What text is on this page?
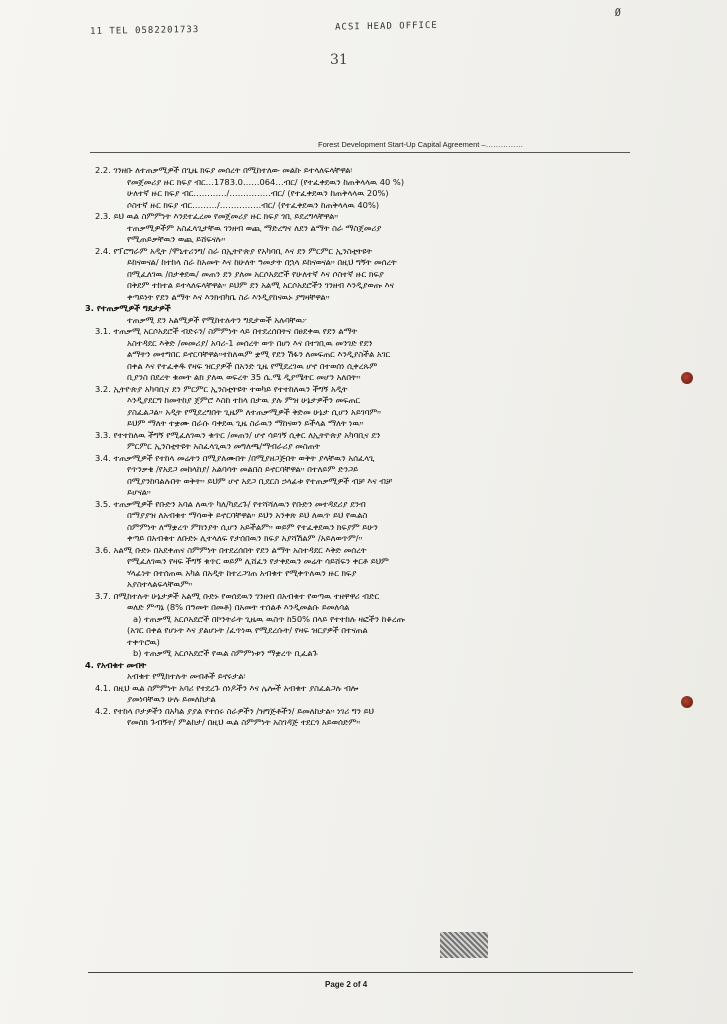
11 TEL 0582201733	ACSI HEAD OFFICE
Ø
31
Forest Development Start-Up Capital Agreement –……………
2.2. ገንዘቡ ለተጠቃሚዎች በጊዜ ክፍያ መሰረት በሚከተለው መልኩ ይተላለፍላቸዋል፡
የመጀመሪያ ዙር ክፍያ ብር…1783.0……064…ብር/ (የተፈቀደዉን ከጠቅላላዉ 40 %)
ሁለተኛ ዙር ክፍያ ብር…………/……………ብር/ (የተፈቀደዉን ከጠቅላላዉ 20%)
ሶስተኛ ዙር ክፍያ ብር………/……………ብር/ (የተፈቀደዉን ከጠቅላላዉ 40%)
2.3. ይህ ዉል ስምምነት እንደተፈረመ የመጀመሪያ ዙር ክፍያ ገቢ ይደረግላቸዋል።
ተጠቃሚዎችም አስፈላጊታቸዉ ገንዘብ ወጪ ማድረግና ለደን ልማት ስራ ማስጀመሪያ
የሚጠይቃቸዉን ወጪ ይሸፍናሉ።
2.4. የፕሮግራም አዲት /ሞኒተሪንግ/ ስራ በኢትዮጵያ የአካባቢ እና ደን ምርምር ኢንስቲትዩት
ይከናወናል/ ከተከላ ስራ ከአመት እና ከሁለት ዓመታት በኋላ ይከናወናል። በዚህ ግኝት መሰረት
በሚፈለገዉ /በታቀደዉ/ መጠን ደን ያለመ አርሶአደሮች የሁለተኛ እና ሶስተኛ ዙር ክፍያ
በቅደም ተከተል ይተላለፍላቸዋል። ይህም ደን አልሚ አርሶአደሮችን ገንዘብ እንዲያወጡ እና
ቀጣይነት የደን ልማት እና እንክብካቤ ስራ እንዲያከናዉኑ ያግዛቸዋል።
3. የተጠቃሚዎች ግዴታዎች
ተጠቃሚ ደን አልሚዎች የሚከተሉትን ግዴታወች አሉባቸዉ፦
3.1. ተጠቃሚ አርሶአደሮች ብድሩን/ ስምምነት ላይ በተደረሰበትና በፀደቀዉ የደን ልማት
አስተዳደር እቅድ /መመሪያ/ አባሪ-1 መሰረት ወጥ በሆነ እና በተገቢዉ መንገድ የደን
ልማትን መተግበር ይኖርባቸዋል።ተከለዉም ቋሚ የደን ሽፋን ለመፍጠር እንዲያስችል አገር
በቀል እና የተፈቀዱ የዛፍ ዝርያዎች በአንድ ጊዜ የሚደረገዉ ሆኖ በተወሰነ ሲቀረጹም
ቢያንስ በደረት ቁመት ልክ ያለዉ ወፍረት 35 ሴ.ሜ ዲያሜትር መሆን አለበት።
3.2. ኢትዮጵያ አካባቢና ደን ምርምር ኢንስቲትዩት ተወካይ የተተከለዉን ችግኝ አዲት
እንዲያደርግ ከመትከያ ጀምሮ እስከ ተከላ በታዉ ያሉ ምዝ ሁኔታዎችን መፍጠር
ያስፈልጋል። አዲት የሚደረግበት ጊዜም ለተጠቃሚዎች ቅድመ ሁኔታ ሲሆን አይገባም።
ይህም ማለት ተቋሙ በራሱ ባቀደዉ ጊዜ ስራዉን ማከናወን ይችላል ማለት ነዉ።
3.3. የተተከለዉ ችግኝ የሚፈለገዉን ቁጥር /መጠን/ ሆኖ ሳይገኝ ሲቀር ለኢትዮጵያ አካባቢና ደን
ምርምር ኢንስቲትዩት አስፈላጊዉን መግለጫ/ማብራሪያ መስጠት
3.4. ተጠቃሚዎች የተከላ መሬትን በሚያለሙበት /በሚያዘጋጅበት ወቅት ያላቸዉን አሰፈላጊ
የጥንቃቄ /የአደጋ መከላከያ/ አልባሳት መልበስ ይኖርባቸዋል። በተለይም ድንጋይ
በሚያንከባልሉበት ወቅት። ይህም ሆኖ አደጋ ቢደርስ ኃላፊቱ የተጠቃሚዎች ብቻ እና ብቻ
ይሆናል።
3.5. ተጠቃሚዎች የቡድን አባል ለዉጥ ካለ/ካደረጉ/ የተሻሻለዉን የቡድን መተዳደሪያ ደንብ
በማያያዝ ለአብቁተ ማሳወቅ ይኖርባቸዋል። ይህን አንቀጽ ይህ ለዉጥ ይህ የዉልስ
ስምምነት ለማቋረጥ ምክንያት ሲሆን አይችልም። ወይም የተፈቀደዉን ክፍያም ይሁን
ቀጣይ በአብቁተ ለቡድኑ ሊተላለፍ የታሰበዉን ክፍያ አያሻሽልም /አይለወጥም/።
3.6. አልሚ ቡድኑ በአደቀጠና ስምምነት በተደረሰበት የደን ልማት አስተዳደር እቅድ መሰረት
የሚፈለገዉን የዛፍ ችግኝ ቁጥር ወይም ሊሸፈን የታቀደዉን መሬት ሳይሸፍን ቀርቶ ይህም
ሃላፊነት በተሰጠዉ አካል በአዲት ከተረጋገጠ አብቁተ የሚቀጥለዉን ዙር ክፍያ
አያስተላልፍላቸዉም።
3.7. በሚከተሉት ሁኔታዎች አልሚ ቡድኑ የወሰደዉን ገንዘብ በአብቁተ የወጣዉ ተዘዋዋሪ ብድር
ወለድ ምጣኔ (8% በዓመት በመቶ) በአመት ተሰልቶ እንዲመልሱ ይመለሳል
a) ተጠቃሚ አርሶአደሮች በኮንትራት ጊዜዉ ዉስጥ ከ50% በላይ የተተከሉ ዛፎችን ከቆረጡ
(አገር በቀል የሆኑት እና ያልሆኑት /ፈጥነዉ የሚደረሱት/ የዛፍ ዝርያዎች በተናጠል
ተቀጥሮዉ)
b) ተጠቃሚ አርሶአደሮች የዉል ስምምነቱን ማቋረጥ ቢፈልጉ
4. የአብቁተ መብት
አብቁተ የሚከተሉት መብቶች ይኖሩታል፡
4.1. በዚህ ዉል ስምምነት አባሪ የተደረጉ ሰነዶችን እና ሌሎች አብቁተ ያስፈልጋሉ ብሎ
ያመነባቸዉን ሁሉ ይመለከታል
4.2. የተከላ ቦታዎችን በአካል ያያል የተሰሩ ስራዎችን /ዝግጅቶችን/ ይመለከታል። ነገሪ ግን ይህ
የመስክ ጉብኝት/ ምልከታ/ በዚህ ዉል ስምምነት አስገዳጅ ተደርጎ አይወሰድም።
Page 2 of 4
